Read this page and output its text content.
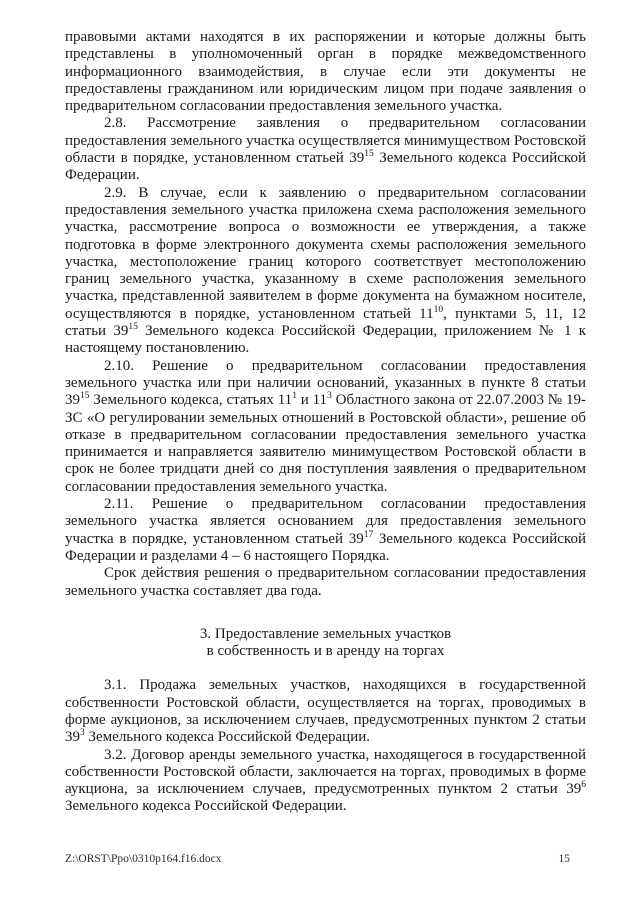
правовыми актами находятся в их распоряжении и которые должны быть представлены в уполномоченный орган в порядке межведомственного информационного взаимодействия, в случае если эти документы не предоставлены гражданином или юридическим лицом при подаче заявления о предварительном согласовании предоставления земельного участка.

2.8. Рассмотрение заявления о предварительном согласовании предоставления земельного участка осуществляется минимуществом Ростовской области в порядке, установленном статьей $39^{15}$ Земельного кодекса Российской Федерации.

2.9. В случае, если к заявлению о предварительном согласовании предоставления земельного участка приложена схема расположения земельного участка, рассмотрение вопроса о возможности ее утверждения, а также подготовка в форме электронного документа схемы расположения земельного участка, местоположение границ которого соответствует местоположению границ земельного участка, указанному в схеме расположения земельного участка, представленной заявителем в форме документа на бумажном носителе, осуществляются в порядке, установленном статьей $11^{10}$, пунктами 5, 11, 12 статьи $39^{15}$ Земельного кодекса Российской Федерации, приложением № 1 к настоящему постановлению.

2.10. Решение о предварительном согласовании предоставления земельного участка или при наличии оснований, указанных в пункте 8 статьи $39^{15}$ Земельного кодекса, статьях $11^1$ и $11^3$ Областного закона от 22.07.2003 № 19-ЗС «О регулировании земельных отношений в Ростовской области», решение об отказе в предварительном согласовании предоставления земельного участка принимается и направляется заявителю минимуществом Ростовской области в срок не более тридцати дней со дня поступления заявления о предварительном согласовании предоставления земельного участка.

2.11. Решение о предварительном согласовании предоставления земельного участка является основанием для предоставления земельного участка в порядке, установленном статьей $39^{17}$ Земельного кодекса Российской Федерации и разделами 4 – 6 настоящего Порядка.

Срок действия решения о предварительном согласовании предоставления земельного участка составляет два года.

3. Предоставление земельных участков
в собственность и в аренду на торгах

3.1. Продажа земельных участков, находящихся в государственной собственности Ростовской области, осуществляется на торгах, проводимых в форме аукционов, за исключением случаев, предусмотренных пунктом 2 статьи $39^3$ Земельного кодекса Российской Федерации.

3.2. Договор аренды земельного участка, находящегося в государственной собственности Ростовской области, заключается на торгах, проводимых в форме аукциона, за исключением случаев, предусмотренных пунктом 2 статьи $39^6$ Земельного кодекса Российской Федерации.

Z:\ORST\Ppo\0310p164.f16.docx	15
